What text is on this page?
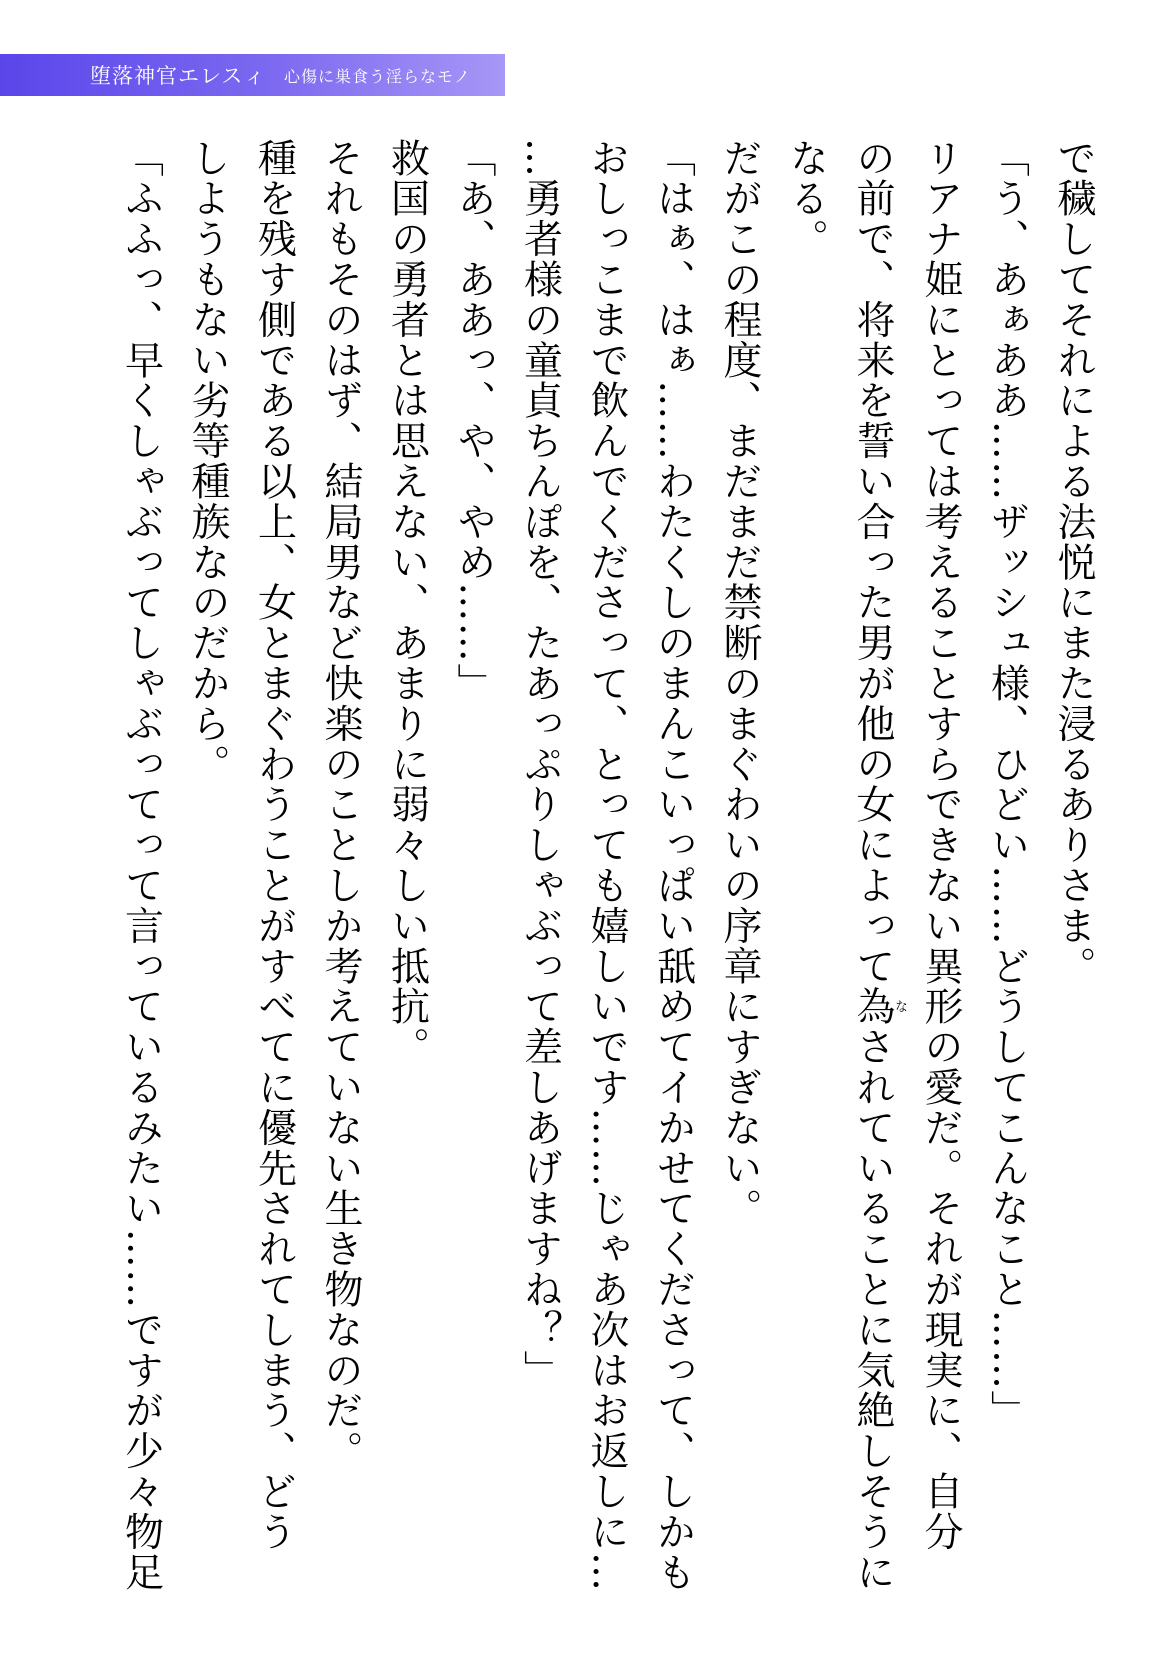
堕落神官エレスィ 心傷に巣食う淫らなモノ
で穢してそれによる法悦にまた浸るありさま。
「う、あぁああ……ザッシュ様、ひどい……どうしてこんなこと……」
リアナ姫にとっては考えることすらできない異形の愛だ。それが現実に、自分
の前で、将来を誓い合った男が他の女によって為なされていることに気絶しそうに
なる。
だがこの程度、まだまだ禁断のまぐわいの序章にすぎない。
「はぁ、はぁ……わたくしのまんこいっぱい舐めてイかせてくださって、しかも
おしっこまで飲んでくださって、とっても嬉しいです……じゃあ次はお返しに…
…勇者様の童貞ちんぽを、たあっぷりしゃぶって差しあげますね？」
「あ、ああっ、や、やめ……」
救国の勇者とは思えない、あまりに弱々しい抵抗。
それもそのはず、結局男など快楽のことしか考えていない生き物なのだ。
種を残す側である以上、女とまぐわうことがすべてに優先されてしまう、どう
しようもない劣等種族なのだから。
「ふふっ、早くしゃぶってしゃぶってって言っているみたい……ですが少々物足
